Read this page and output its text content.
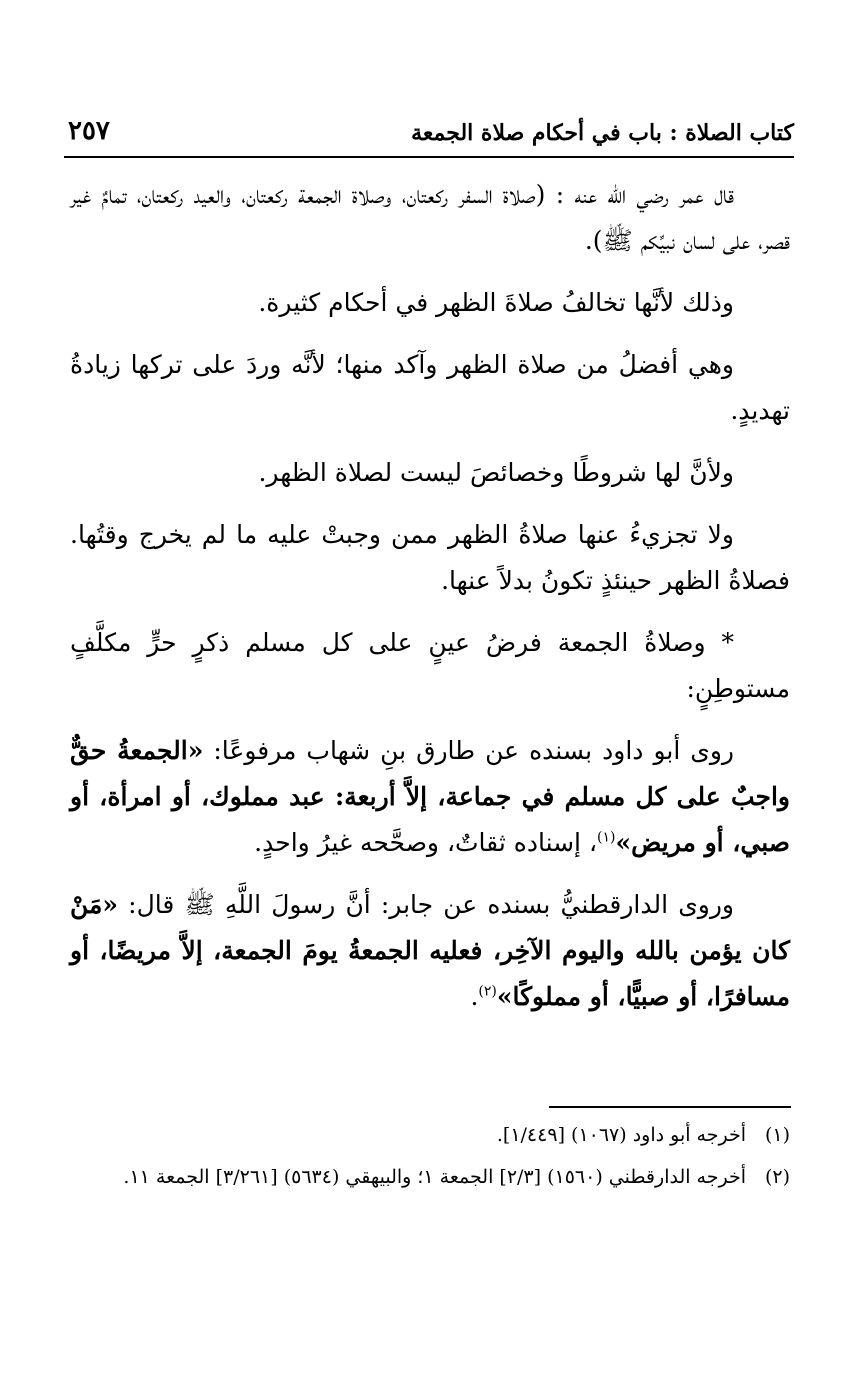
كتاب الصلاة : باب في أحكام صلاة الجمعة
٢٥٧

قال عمر رضي الله عنه : (صلاة السفر ركعتان، وصلاة الجمعة ركعتان، والعيد ركعتان، تمامٌ غير قصر، على لسان نبيِّكم ﷺ).

وذلك لأنَّها تخالفُ صلاةَ الظهر في أحكام كثيرة.

وهي أفضلُ من صلاة الظهر وآكد منها؛ لأنَّه وردَ على تركها زيادةُ تهديدٍ.

ولأنَّ لها شروطًا وخصائصَ ليست لصلاة الظهر.

ولا تجزيءُ عنها صلاةُ الظهر ممن وجبتْ عليه ما لم يخرج وقتُها. فصلاةُ الظهر حينئذٍ تكونُ بدلاً عنها.

* وصلاةُ الجمعة فرضُ عينٍ على كل مسلم ذكرٍ حرٍّ مكلَّفٍ مستوطِنٍ:

روى أبو داود بسنده عن طارق بنِ شهاب مرفوعًا: «الجمعةُ حقٌّ واجبٌ على كل مسلم في جماعة، إلاَّ أربعة: عبد مملوك، أو امرأة، أو صبي، أو مريض»$^{(١)}$، إسناده ثقاتٌ، وصحَّحه غيرُ واحدٍ.

وروى الدارقطنيُّ بسنده عن جابر: أنَّ رسولَ اللَّهِ ﷺ قال: «مَنْ كان يؤمن بالله واليوم الآخِر، فعليه الجمعةُ يومَ الجمعة، إلاَّ مريضًا، أو مسافرًا، أو صبيًّا، أو مملوكًا»$^{(٢)}$.

(١)
أخرجه أبو داود (١٠٦٧) [١/٤٤٩].
(٢)
أخرجه الدارقطني (١٥٦٠) [٢/٣] الجمعة ١؛ والبيهقي (٥٦٣٤) [٣/٢٦١] الجمعة ١١.
